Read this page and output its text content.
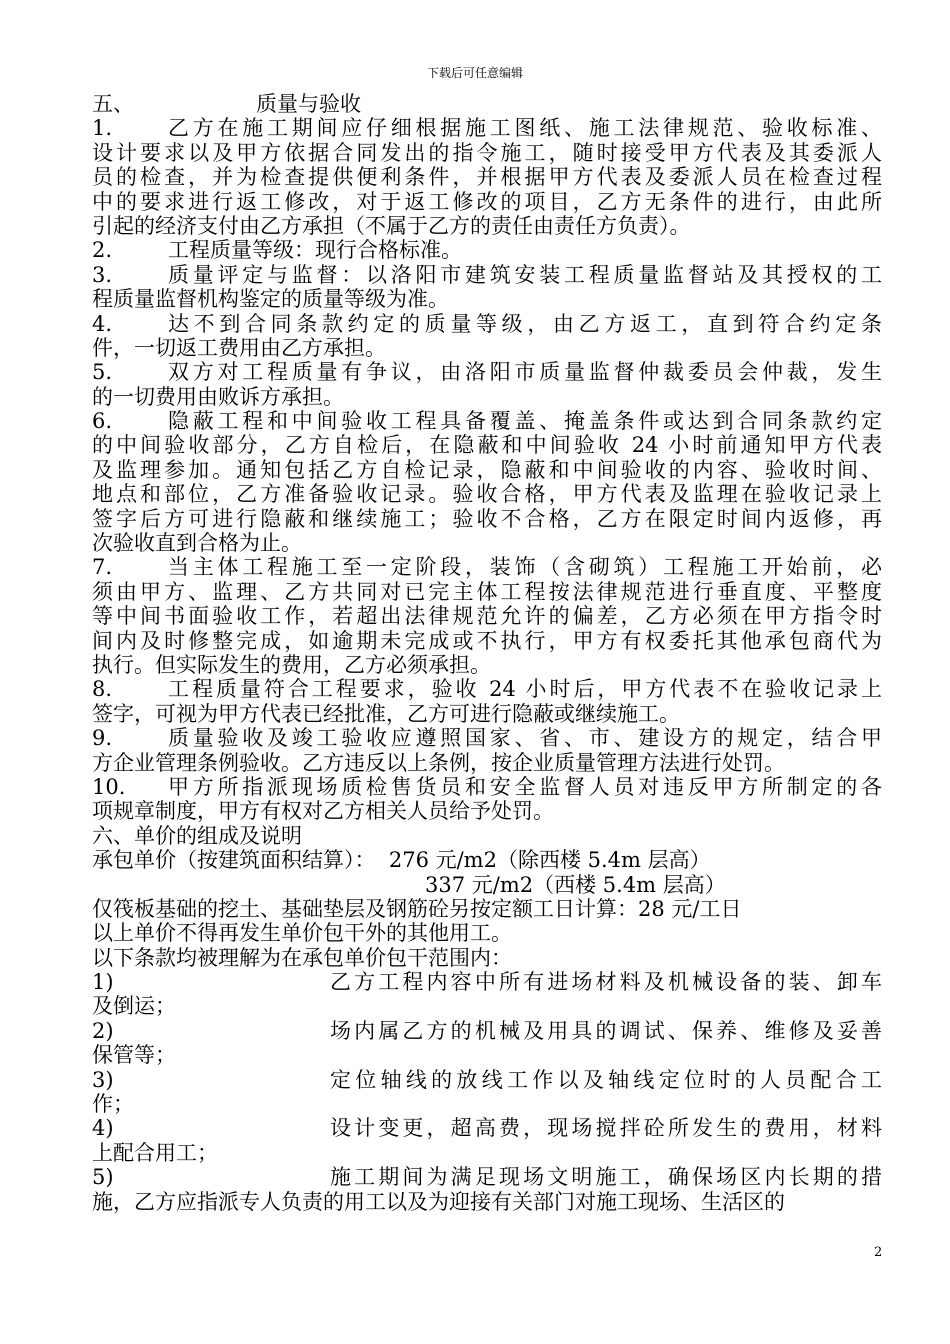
下载后可任意编辑
五、	质量与验收
1.	乙方在施工期间应仔细根据施工图纸、施工法律规范、验收标准、
设计要求以及甲方依据合同发出的指令施工，随时接受甲方代表及其委派人
员的检查，并为检查提供便利条件，并根据甲方代表及委派人员在检查过程
中的要求进行返工修改，对于返工修改的项目，乙方无条件的进行，由此所
引起的经济支付由乙方承担（不属于乙方的责任由责任方负责）。
2.	工程质量等级：现行合格标准。
3.	质量评定与监督：以洛阳市建筑安装工程质量监督站及其授权的工
程质量监督机构鉴定的质量等级为准。
4.	达不到合同条款约定的质量等级，由乙方返工，直到符合约定条
件，一切返工费用由乙方承担。
5.	双方对工程质量有争议，由洛阳市质量监督仲裁委员会仲裁，发生
的一切费用由败诉方承担。
6.	隐蔽工程和中间验收工程具备覆盖、掩盖条件或达到合同条款约定
的中间验收部分，乙方自检后，在隐蔽和中间验收 24 小时前通知甲方代表
及监理参加。通知包括乙方自检记录，隐蔽和中间验收的内容、验收时间、
地点和部位，乙方准备验收记录。验收合格，甲方代表及监理在验收记录上
签字后方可进行隐蔽和继续施工；验收不合格，乙方在限定时间内返修，再
次验收直到合格为止。
7.	当主体工程施工至一定阶段，装饰（含砌筑）工程施工开始前，必
须由甲方、监理、乙方共同对已完主体工程按法律规范进行垂直度、平整度
等中间书面验收工作，若超出法律规范允许的偏差，乙方必须在甲方指令时
间内及时修整完成，如逾期未完成或不执行，甲方有权委托其他承包商代为
执行。但实际发生的费用，乙方必须承担。
8.	工程质量符合工程要求，验收 24 小时后，甲方代表不在验收记录上
签字，可视为甲方代表已经批准，乙方可进行隐蔽或继续施工。
9.	质量验收及竣工验收应遵照国家、省、市、建设方的规定，结合甲
方企业管理条例验收。乙方违反以上条例，按企业质量管理方法进行处罚。
10.	甲方所指派现场质检售货员和安全监督人员对违反甲方所制定的各
项规章制度，甲方有权对乙方相关人员给予处罚。
六、单价的组成及说明
承包单价（按建筑面积结算）：  276 元/m2（除西楼 5.4m 层高）
337 元/m2（西楼 5.4m 层高）
仅筏板基础的挖土、基础垫层及钢筋砼另按定额工日计算：28 元/工日
以上单价不得再发生单价包干外的其他用工。
以下条款均被理解为在承包单价包干范围内：
1)	乙方工程内容中所有进场材料及机械设备的装、卸车
及倒运；
2)	场内属乙方的机械及用具的调试、保养、维修及妥善
保管等；
3)	定位轴线的放线工作以及轴线定位时的人员配合工
作；
4)	设计变更，超高费，现场搅拌砼所发生的费用，材料
上配合用工；
5)	施工期间为满足现场文明施工，确保场区内长期的措
施，乙方应指派专人负责的用工以及为迎接有关部门对施工现场、生活区的
2
